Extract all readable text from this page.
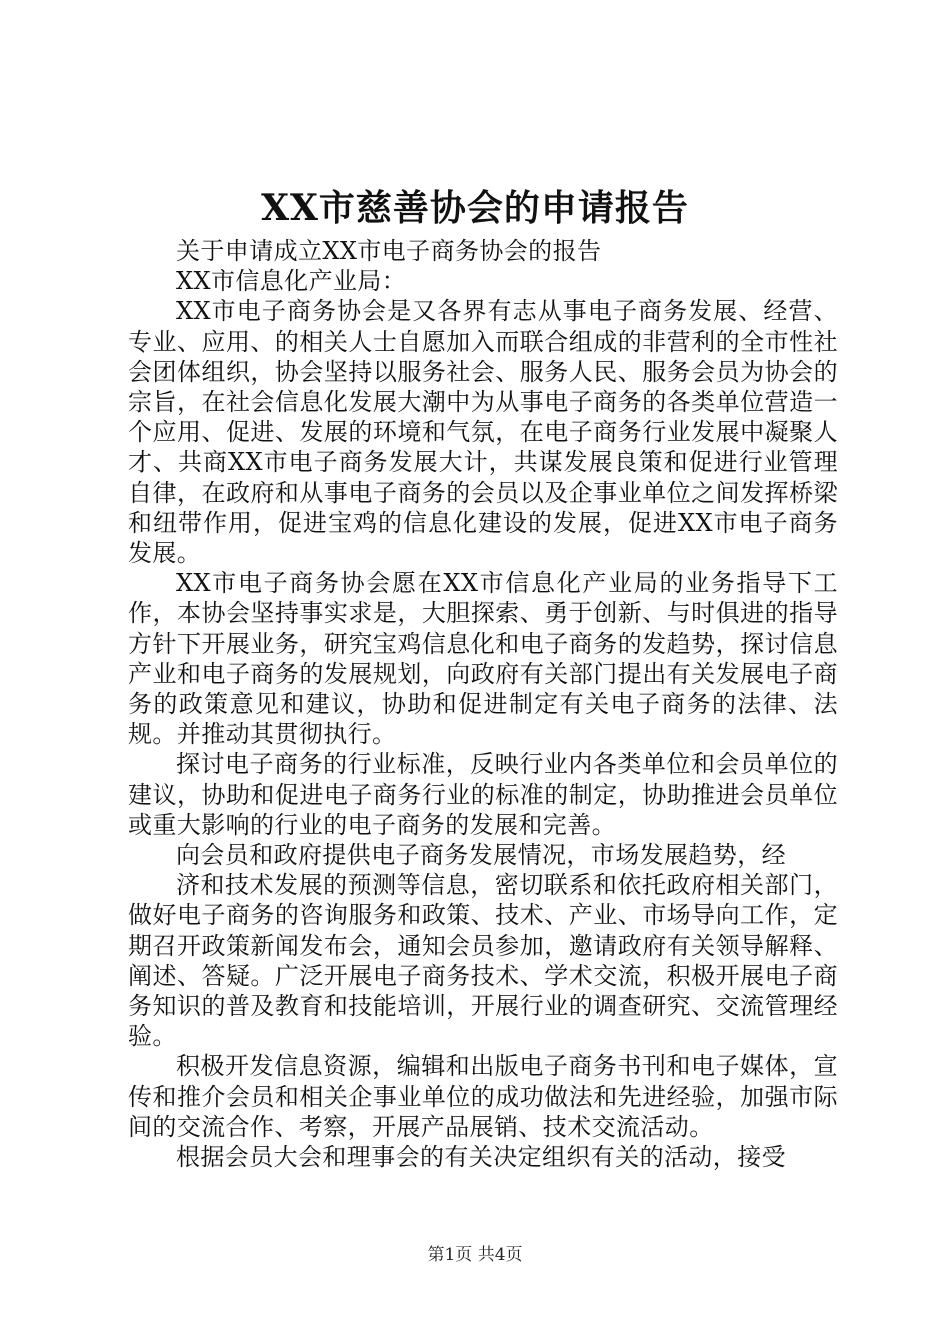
XX市慈善协会的申请报告

关于申请成立XX市电子商务协会的报告

XX市信息化产业局：

XX市电子商务协会是又各界有志从事电子商务发展、经营、专业、应用、的相关人士自愿加入而联合组成的非营利的全市性社会团体组织，协会坚持以服务社会、服务人民、服务会员为协会的宗旨，在社会信息化发展大潮中为从事电子商务的各类单位营造一个应用、促进、发展的环境和气氛，在电子商务行业发展中凝聚人才、共商XX市电子商务发展大计，共谋发展良策和促进行业管理自律，在政府和从事电子商务的会员以及企事业单位之间发挥桥梁和纽带作用，促进宝鸡的信息化建设的发展，促进XX市电子商务发展。

XX市电子商务协会愿在XX市信息化产业局的业务指导下工作，本协会坚持事实求是，大胆探索、勇于创新、与时俱进的指导方针下开展业务，研究宝鸡信息化和电子商务的发趋势，探讨信息产业和电子商务的发展规划，向政府有关部门提出有关发展电子商务的政策意见和建议，协助和促进制定有关电子商务的法律、法规。并推动其贯彻执行。

探讨电子商务的行业标准，反映行业内各类单位和会员单位的建议，协助和促进电子商务行业的标准的制定，协助推进会员单位或重大影响的行业的电子商务的发展和完善。

向会员和政府提供电子商务发展情况，市场发展趋势，经

济和技术发展的预测等信息，密切联系和依托政府相关部门，做好电子商务的咨询服务和政策、技术、产业、市场导向工作，定期召开政策新闻发布会，通知会员参加，邀请政府有关领导解释、阐述、答疑。广泛开展电子商务技术、学术交流，积极开展电子商务知识的普及教育和技能培训，开展行业的调查研究、交流管理经验。

积极开发信息资源，编辑和出版电子商务书刊和电子媒体，宣传和推介会员和相关企事业单位的成功做法和先进经验，加强市际间的交流合作、考察，开展产品展销、技术交流活动。

根据会员大会和理事会的有关决定组织有关的活动，接受

第1页 共4页
